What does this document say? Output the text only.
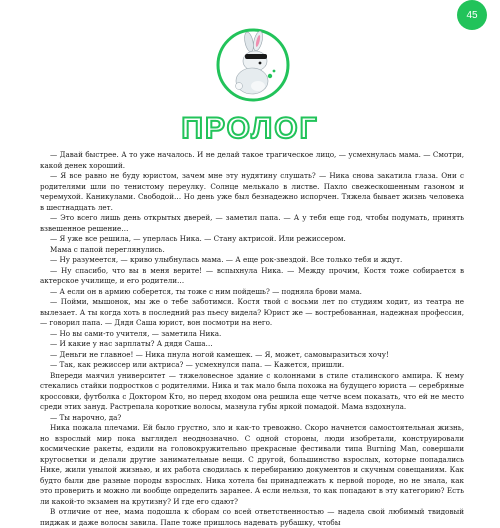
45
ПРОЛОГ

— Давай быстрее. А то уже началось. И не делай такое трагическое лицо, — усмехнулась мама. — Смотри, какой денек хороший.

— Я все равно не буду юристом, зачем мне эту нудятину слушать? — Ника снова закатила глаза. Они с родителями шли по тенистому переулку. Солнце мелькало в листве. Пахло свежескошенным газоном и черемухой. Каникулами. Свободой… Но день уже был безнадежно испорчен. Тяжела бывает жизнь человека в шестнадцать лет.

— Это всего лишь день открытых дверей, — заметил папа. — А у тебя еще год, чтобы подумать, принять взвешенное решение…

— Я уже все решила, — уперлась Ника. — Стану актрисой. Или режиссером.

Мама с папой переглянулись.

— Ну разумеется, — криво улыбнулась мама. — А еще рок-звездой. Все только тебя и ждут.

— Ну спасибо, что вы в меня верите! — вспыхнула Ника. — Между прочим, Костя тоже собирается в актерское училище, и его родители…

— А если он в армию соберется, ты тоже с ним пойдешь? — подняла брови мама.

— Пойми, мышонок, мы же о тебе заботимся. Костя твой с восьми лет по студиям ходит, из театра не вылезает. А ты когда хоть в последний раз пьесу видела? Юрист же — востребованная, надежная профессия, — говорил папа. — Дядя Саша юрист, вон посмотри на него.

— Но вы сами-то учителя, — заметила Ника.

— И какие у нас зарплаты? А дядя Саша…

— Деньги не главное! — Ника пнула ногой камешек. — Я, может, самовыразиться хочу!

— Так, как режиссер или актриса? — усмехнулся папа. — Кажется, пришли.

Впереди маячил университет — тяжеловесное здание с колоннами в стиле сталинского ампира. К нему стекались стайки подростков с родителями. Ника и так мало была похожа на будущего юриста — серебряные кроссовки, футболка с Доктором Кто, но перед входом она решила еще четче всем показать, что ей не место среди этих зануд. Растрепала короткие волосы, мазнула губы яркой помадой. Мама вздохнула.

— Ты нарочно, да?

Ника пожала плечами. Ей было грустно, зло и как-то тревожно. Скоро начнется самостоятельная жизнь, но взрослый мир пока выглядел неоднозначно. С одной стороны, люди изобретали, конструировали космические ракеты, ездили на головокружительно прекрасные фестивали типа Burning Man, совершали кругосветки и делали другие занимательные вещи. С другой, большинство взрослых, которые попадались Нике, жили унылой жизнью, и их работа сводилась к перебиранию документов и скучным совещаниям. Как будто были две разные породы взрослых. Ника хотела бы принадлежать к первой породе, но не знала, как это проверить и можно ли вообще определить заранее. А если нельзя, то как попадают в эту категорию? Есть ли какой-то экзамен на крутизну? И где его сдают?

В отличие от нее, мама подошла к сборам со всей ответственностью — надела свой любимый твидовый пиджак и даже волосы завила. Папе тоже пришлось надевать рубашку, чтобы
